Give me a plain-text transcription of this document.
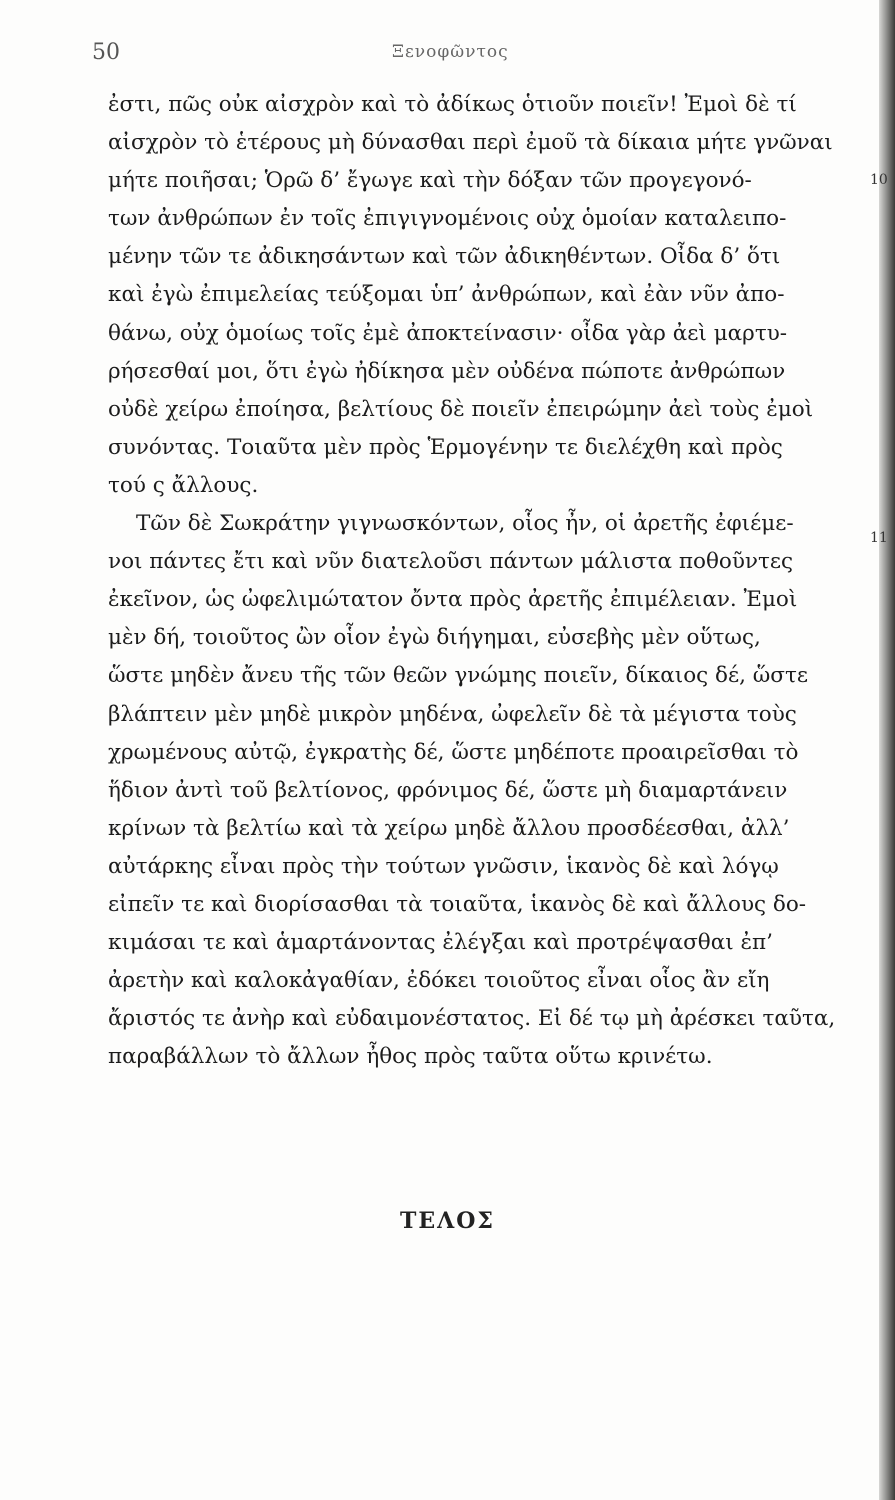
50	Ξενοφῶντος
ἐστι, πῶς οὐκ αἰσχρὸν καὶ τὸ ἀδίκως ὁτιοῦν ποιεῖν! Ἐμοὶ δὲ τί
αἰσχρὸν τὸ ἑτέρους μὴ δύνασθαι περὶ ἐμοῦ τὰ δίκαια μήτε γνῶναι
μήτε ποιῆσαι; Ὁρῶ δ’ ἔγωγε καὶ τὴν δόξαν τῶν προγεγονό-
των ἀνθρώπων ἐν τοῖς ἐπιγιγνομένοις οὐχ ὁμοίαν καταλειπο-
μένην τῶν τε ἀδικησάντων καὶ τῶν ἀδικηθέντων. Οἶδα δ’ ὅτι
καὶ ἐγὼ ἐπιμελείας τεύξομαι ὑπ’ ἀνθρώπων, καὶ ἐὰν νῦν ἀπο-
θάνω, οὐχ ὁμοίως τοῖς ἐμὲ ἀποκτείνασιν· οἶδα γὰρ ἀεὶ μαρτυ-
ρήσεσθαί μοι, ὅτι ἐγὼ ἠδίκησα μὲν οὐδένα πώποτε ἀνθρώπων
οὐδὲ χείρω ἐποίησα, βελτίους δὲ ποιεῖν ἐπειρώμην ἀεὶ τοὺς ἐμοὶ
συνόντας. Τοιαῦτα μὲν πρὸς Ἑρμογένην τε διελέχθη καὶ πρὸς
τού ς ἄλλους.
Τῶν δὲ Σωκράτην γιγνωσκόντων, οἷος ἦν, οἱ ἀρετῆς ἐφιέμε-
νοι πάντες ἔτι καὶ νῦν διατελοῦσι πάντων μάλιστα ποθοῦντες
ἐκεῖνον, ὡς ὠφελιμώτατον ὄντα πρὸς ἀρετῆς ἐπιμέλειαν. Ἐμοὶ
μὲν δή, τοιοῦτος ὢν οἷον ἐγὼ διήγημαι, εὐσεβὴς μὲν οὕτως,
ὥστε μηδὲν ἄνευ τῆς τῶν θεῶν γνώμης ποιεῖν, δίκαιος δέ, ὥστε
βλάπτειν μὲν μηδὲ μικρὸν μηδένα, ὠφελεῖν δὲ τὰ μέγιστα τοὺς
χρωμένους αὐτῷ, ἐγκρατὴς δέ, ὥστε μηδέποτε προαιρεῖσθαι τὸ
ἥδιον ἀντὶ τοῦ βελτίονος, φρόνιμος δέ, ὥστε μὴ διαμαρτάνειν
κρίνων τὰ βελτίω καὶ τὰ χείρω μηδὲ ἄλλου προσδέεσθαι, ἀλλ’
αὐτάρκης εἶναι πρὸς τὴν τούτων γνῶσιν, ἱκανὸς δὲ καὶ λόγῳ
εἰπεῖν τε καὶ διορίσασθαι τὰ τοιαῦτα, ἱκανὸς δὲ καὶ ἄλλους δο-
κιμάσαι τε καὶ ἁμαρτάνοντας ἐλέγξαι καὶ προτρέψασθαι ἐπ’
ἀρετὴν καὶ καλοκἀγαθίαν, ἐδόκει τοιοῦτος εἶναι οἷος ἂν εἴη
ἄριστός τε ἀνὴρ καὶ εὐδαιμονέστατος. Εἰ δέ τῳ μὴ ἀρέσκει ταῦτα,
παραβάλλων τὸ ἄλλων ἦθος πρὸς ταῦτα οὕτω κρινέτω.
10
11
ΤΕΛΟΣ
